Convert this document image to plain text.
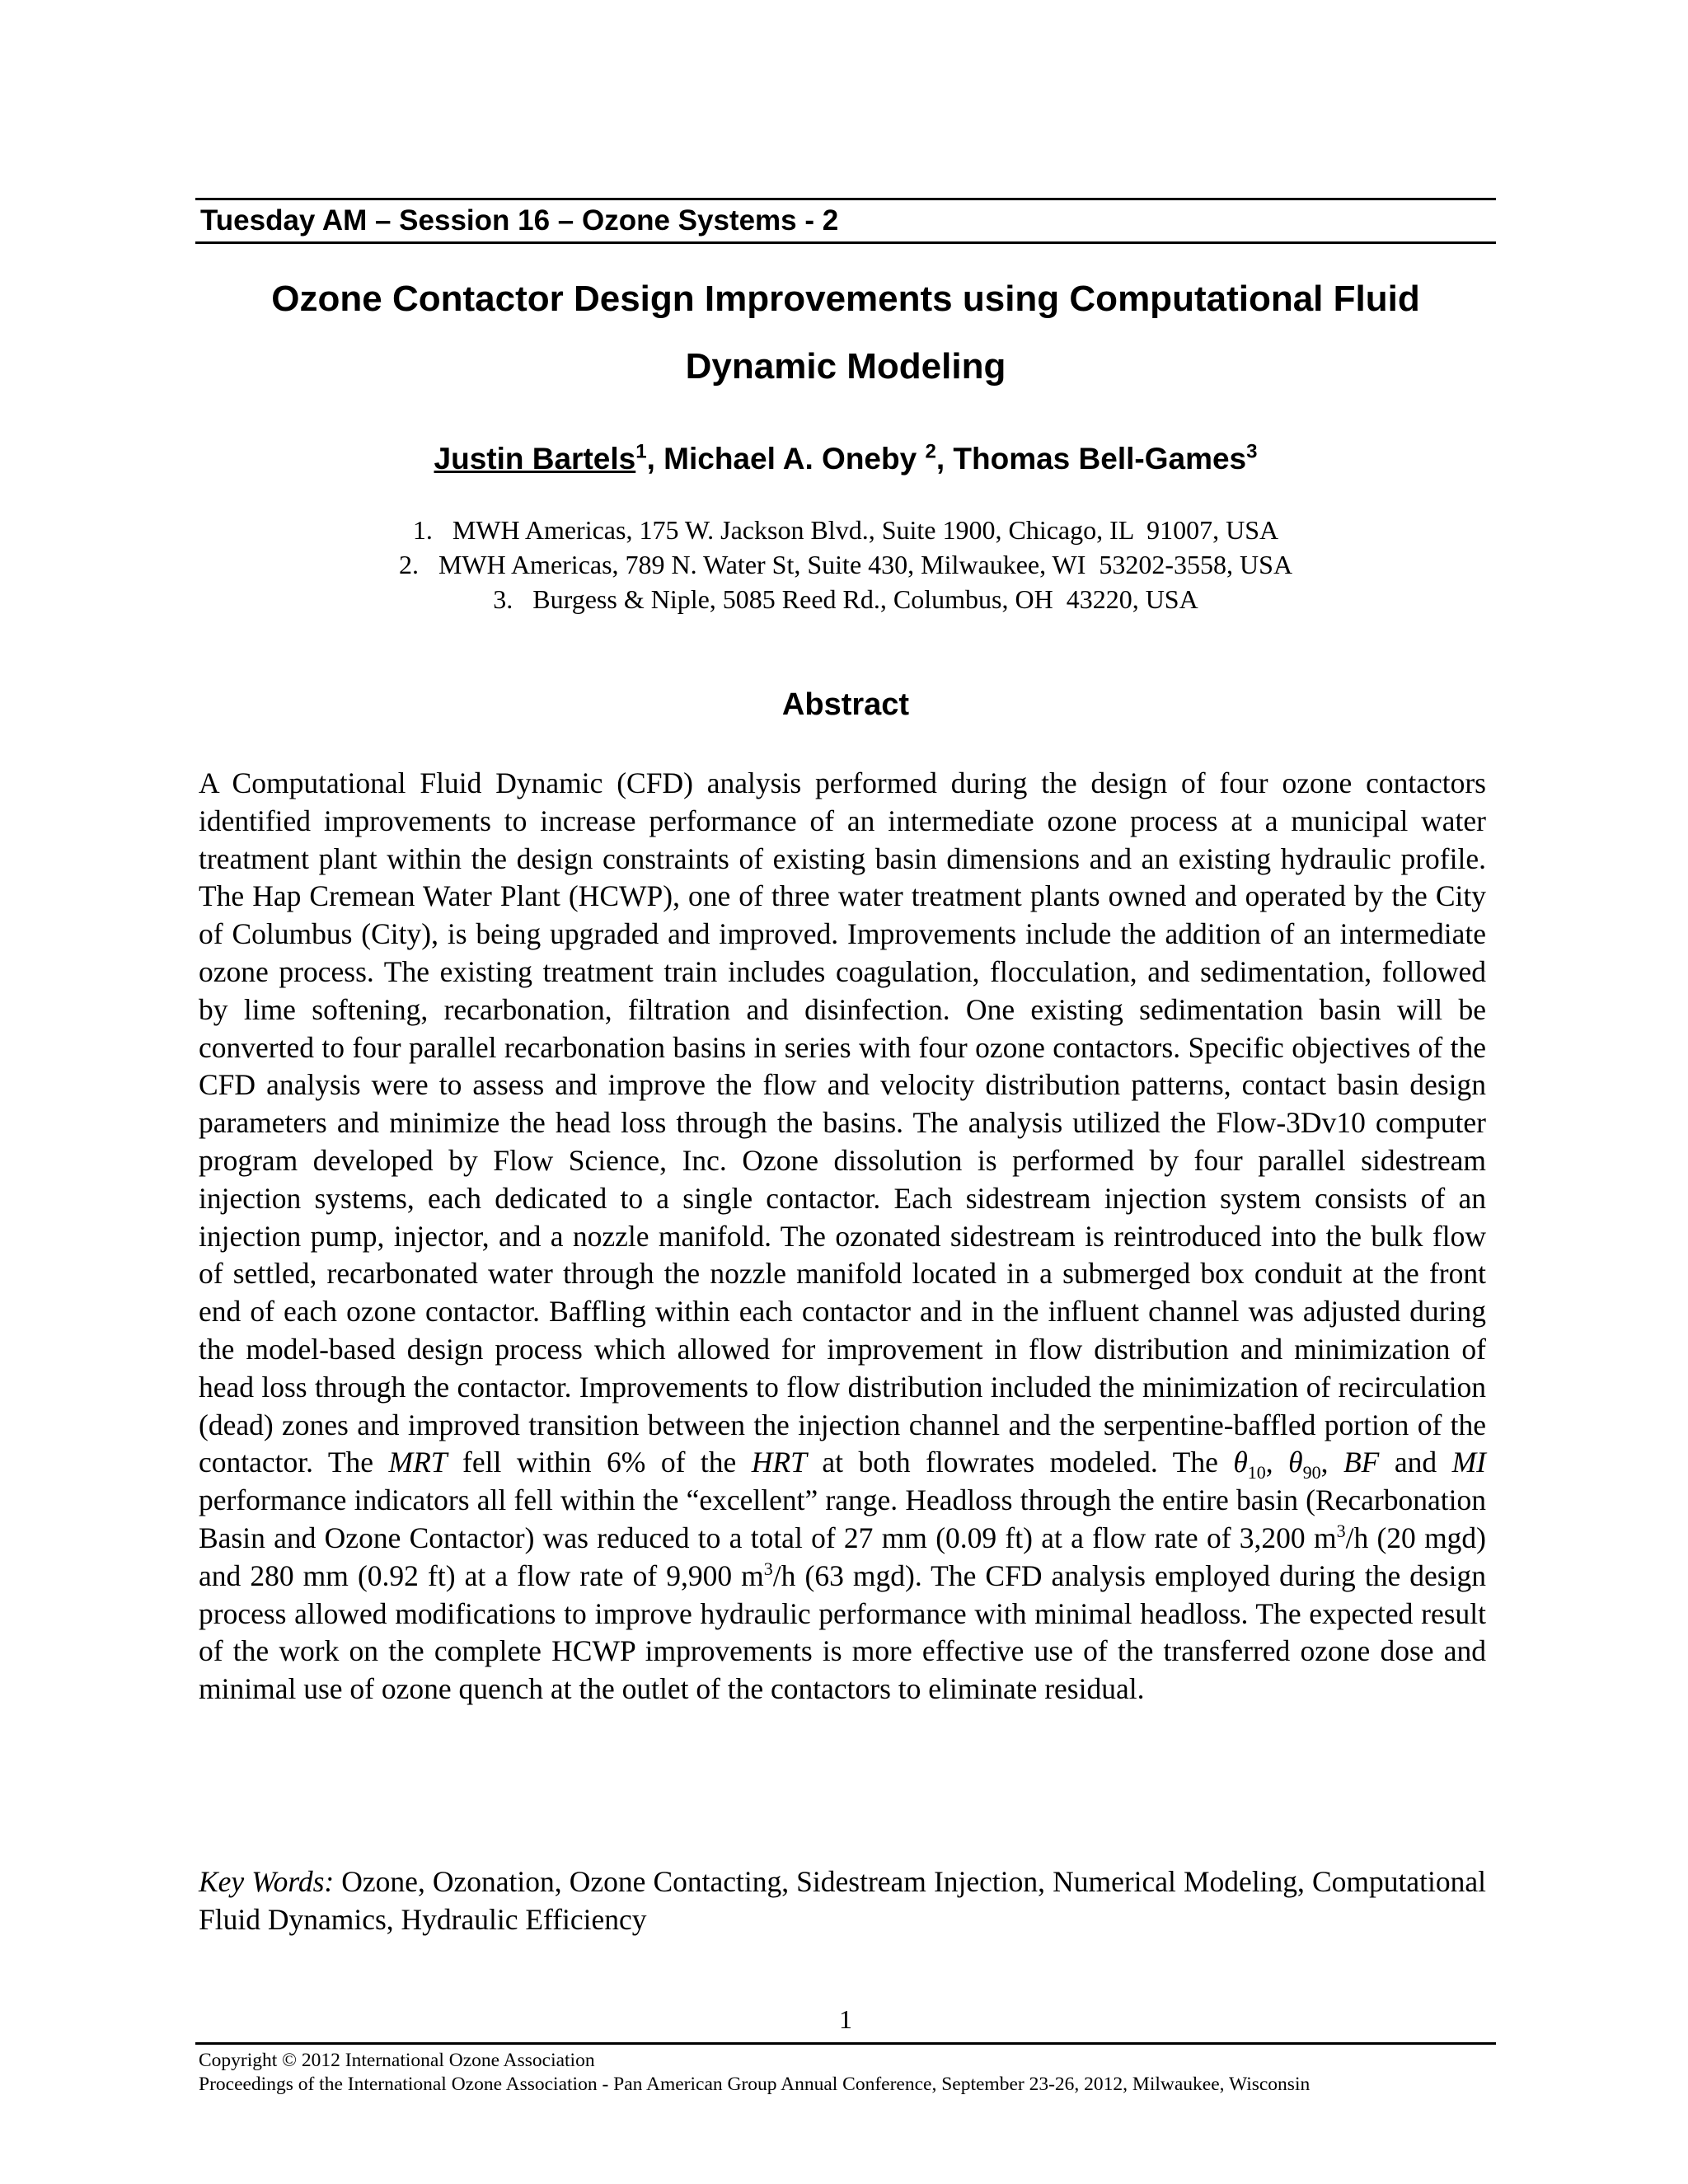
Tuesday AM – Session 16 – Ozone Systems - 2
Ozone Contactor Design Improvements using Computational Fluid
Dynamic Modeling
Justin Bartels$^1$, Michael A. Oneby $^2$, Thomas Bell-Games$^3$
1.   MWH Americas, 175 W. Jackson Blvd., Suite 1900, Chicago, IL  91007, USA
2.   MWH Americas, 789 N. Water St, Suite 430, Milwaukee, WI  53202-3558, USA
3.   Burgess & Niple, 5085 Reed Rd., Columbus, OH  43220, USA
Abstract
A Computational Fluid Dynamic (CFD) analysis performed during the design of four ozone contactors identified improvements to increase performance of an intermediate ozone process at a municipal water treatment plant within the design constraints of existing basin dimensions and an existing hydraulic profile. The Hap Cremean Water Plant (HCWP), one of three water treatment plants owned and operated by the City of Columbus (City), is being upgraded and improved. Improvements include the addition of an intermediate ozone process. The existing treatment train includes coagulation, flocculation, and sedimentation, followed by lime softening, recarbonation, filtration and disinfection. One existing sedimentation basin will be converted to four parallel recarbonation basins in series with four ozone contactors. Specific objectives of the CFD analysis were to assess and improve the flow and velocity distribution patterns, contact basin design parameters and minimize the head loss through the basins. The analysis utilized the Flow-3Dv10 computer program developed by Flow Science, Inc. Ozone dissolution is performed by four parallel sidestream injection systems, each dedicated to a single contactor. Each sidestream injection system consists of an injection pump, injector, and a nozzle manifold. The ozonated sidestream is reintroduced into the bulk flow of settled, recarbonated water through the nozzle manifold located in a submerged box conduit at the front end of each ozone contactor. Baffling within each contactor and in the influent channel was adjusted during the model-based design process which allowed for improvement in flow distribution and minimization of head loss through the contactor. Improvements to flow distribution included the minimization of recirculation (dead) zones and improved transition between the injection channel and the serpentine-baffled portion of the contactor. The MRT fell within 6% of the HRT at both flowrates modeled. The $\theta_{10}$, $\theta_{90}$, BF and MI performance indicators all fell within the “excellent” range. Headloss through the entire basin (Recarbonation Basin and Ozone Contactor) was reduced to a total of 27 mm (0.09 ft) at a flow rate of 3,200 $m^3/h$ (20 mgd) and 280 mm (0.92 ft) at a flow rate of 9,900 $m^3/h$ (63 mgd). The CFD analysis employed during the design process allowed modifications to improve hydraulic performance with minimal headloss. The expected result of the work on the complete HCWP improvements is more effective use of the transferred ozone dose and minimal use of ozone quench at the outlet of the contactors to eliminate residual.
Key Words: Ozone, Ozonation, Ozone Contacting, Sidestream Injection, Numerical Modeling, Computational Fluid Dynamics, Hydraulic Efficiency
1
Copyright © 2012 International Ozone Association
Proceedings of the International Ozone Association - Pan American Group Annual Conference, September 23-26, 2012, Milwaukee, Wisconsin
